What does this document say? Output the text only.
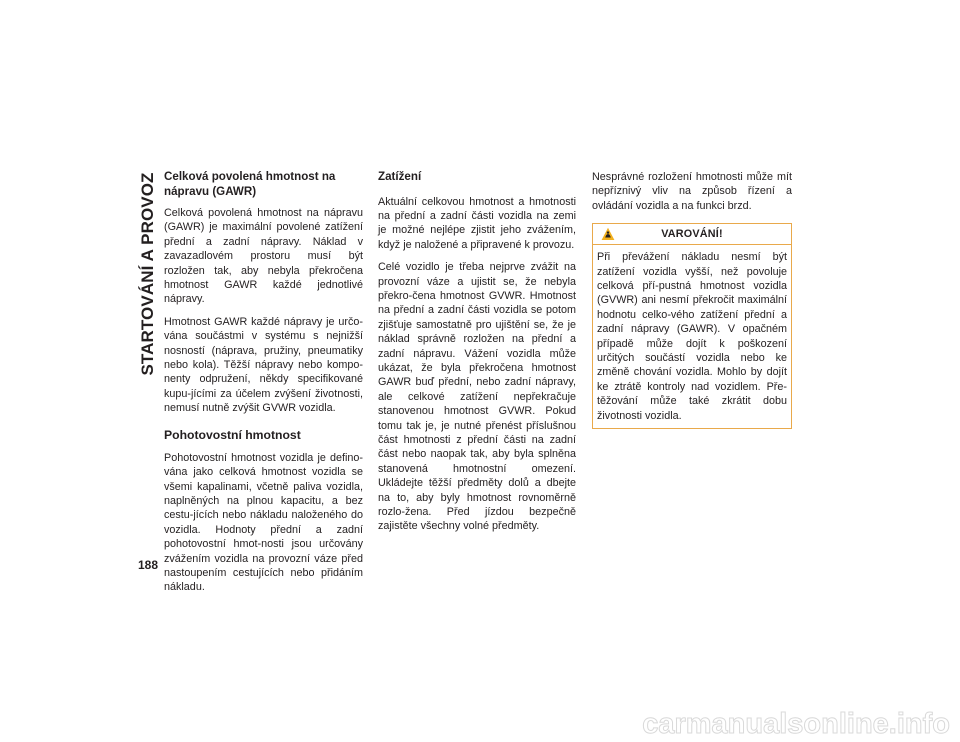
STARTOVÁNÍ A PROVOZ
188
Celková povolená hmotnost na nápravu (GAWR)

Celková povolená hmotnost na nápravu (GAWR) je maximální povolené zatížení přední a zadní nápravy. Náklad v zavazadlovém prostoru musí být rozložen tak, aby nebyla překročena hmotnost GAWR každé jednotlivé nápravy.

Hmotnost GAWR každé nápravy je určo-vána součástmi v systému s nejnižší nosností (náprava, pružiny, pneumatiky nebo kola). Těžší nápravy nebo kompo-nenty odpružení, někdy specifikované kupu-jícími za účelem zvýšení životnosti, nemusí nutně zvýšit GVWR vozidla.

Pohotovostní hmotnost

Pohotovostní hmotnost vozidla je defino-vána jako celková hmotnost vozidla se všemi kapalinami, včetně paliva vozidla, naplněných na plnou kapacitu, a bez cestu-jících nebo nákladu naloženého do vozidla. Hodnoty přední a zadní pohotovostní hmot-nosti jsou určovány zvážením vozidla na provozní váze před nastoupením cestujících nebo přidáním nákladu.

Zatížení

Aktuální celkovou hmotnost a hmotnosti na přední a zadní části vozidla na zemi je možné nejlépe zjistit jeho zvážením, když je naložené a připravené k provozu.

Celé vozidlo je třeba nejprve zvážit na provozní váze a ujistit se, že nebyla překro-čena hmotnost GVWR. Hmotnost na přední a zadní části vozidla se potom zjišťuje samostatně pro ujištění se, že je náklad správně rozložen na přední a zadní nápravu. Vážení vozidla může ukázat, že byla překročena hmotnost GAWR buď přední, nebo zadní nápravy, ale celkové zatížení nepřekračuje stanovenou hmotnost GVWR. Pokud tomu tak je, je nutné přenést příslušnou část hmotnosti z přední části na zadní část nebo naopak tak, aby byla splněna stanovená hmotnostní omezení. Ukládejte těžší předměty dolů a dbejte na to, aby byly hmotnost rovnoměrně rozlo-žena. Před jízdou bezpečně zajistěte všechny volné předměty.

Nesprávné rozložení hmotnosti může mít nepříznivý vliv na způsob řízení a ovládání vozidla a na funkci brzd.

VAROVÁNÍ!
Při převážení nákladu nesmí být zatížení vozidla vyšší, než povoluje celková pří-pustná hmotnost vozidla (GVWR) ani nesmí překročit maximální hodnotu celko-vého zatížení přední a zadní nápravy (GAWR). V opačném případě může dojít k poškození určitých součástí vozidla nebo ke změně chování vozidla. Mohlo by dojít ke ztrátě kontroly nad vozidlem. Pře-těžování může také zkrátit dobu životnosti vozidla.
carmanualsonline.info
